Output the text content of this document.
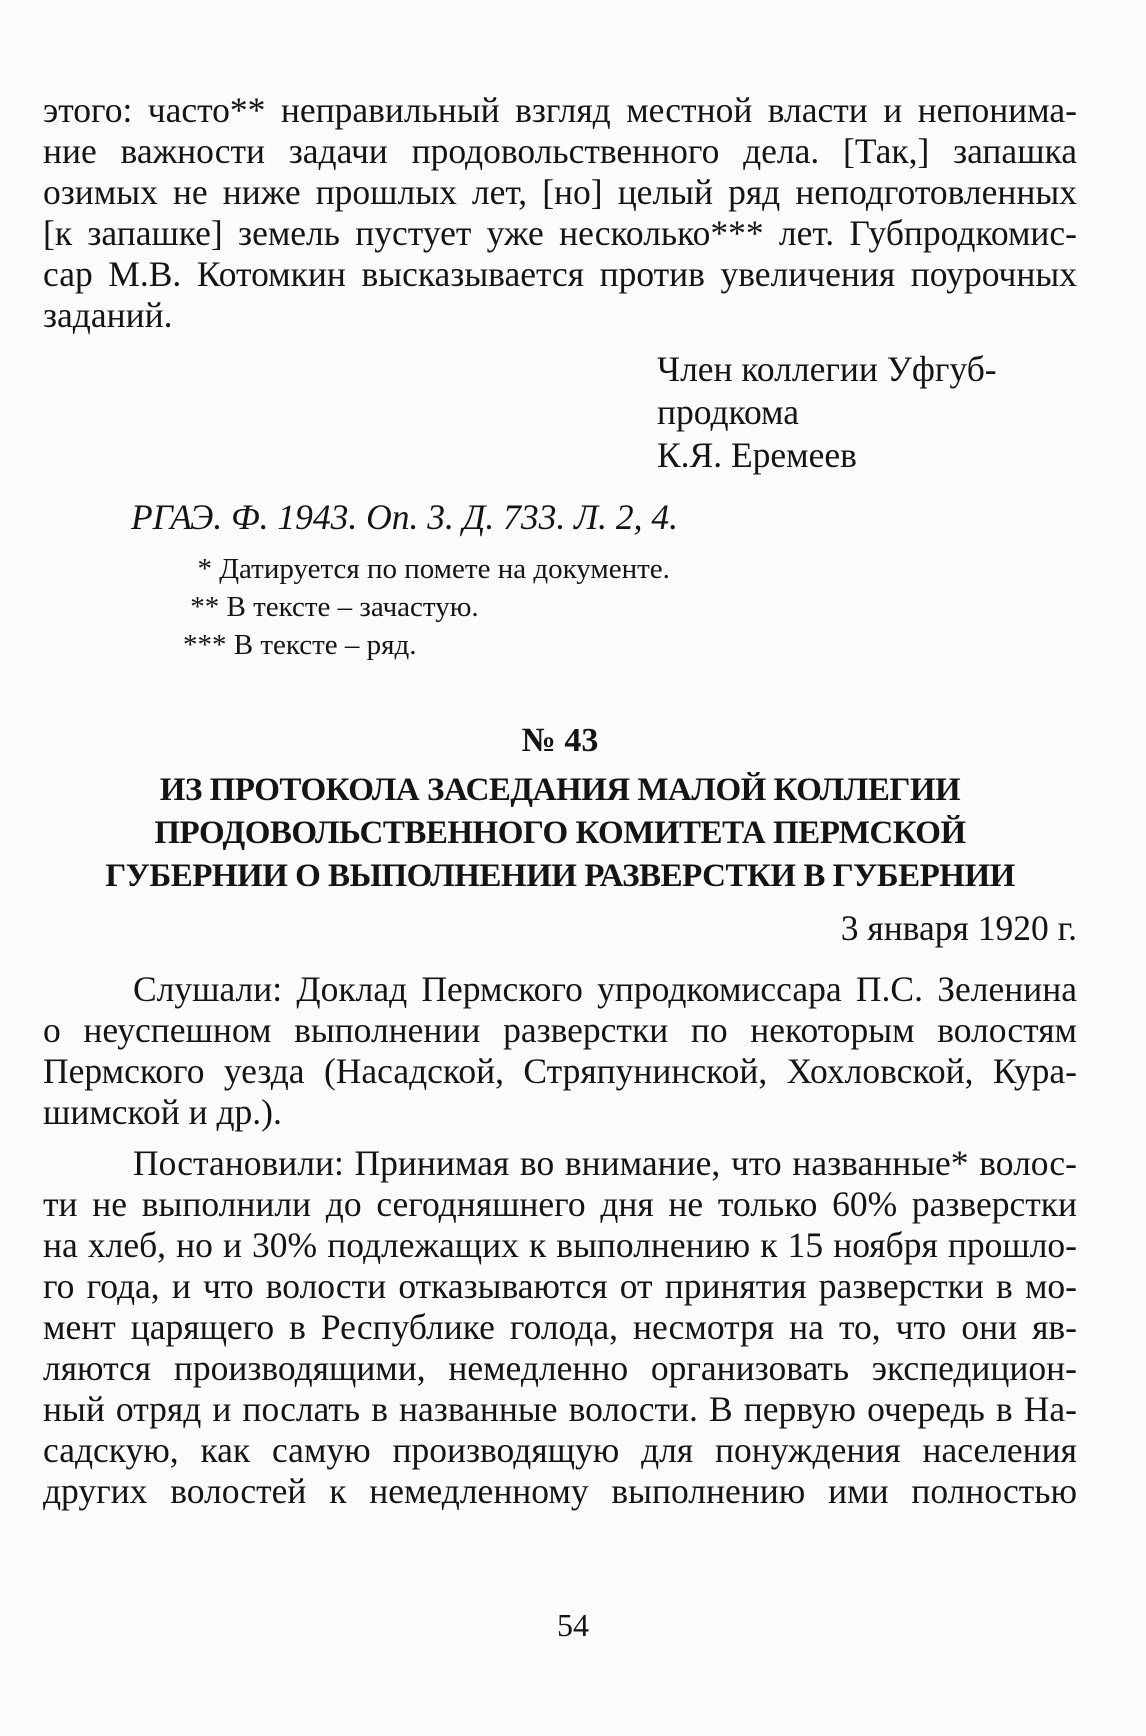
этого: часто** неправильный взгляд местной власти и непонима-
ние важности задачи продовольственного дела. [Так,] запашка
озимых не ниже прошлых лет, [но] целый ряд неподготовленных
[к запашке] земель пустует уже несколько*** лет. Губпродкомис-
сар М.В. Котомкин высказывается против увеличения поурочных
заданий.
Член коллегии Уфгуб-
продкома
К.Я. Еремеев
РГАЭ. Ф. 1943. Оп. 3. Д. 733. Л. 2, 4.
* Датируется по помете на документе.
** В тексте – зачастую.
*** В тексте – ряд.
№ 43
ИЗ ПРОТОКОЛА ЗАСЕДАНИЯ МАЛОЙ КОЛЛЕГИИ
ПРОДОВОЛЬСТВЕННОГО КОМИТЕТА ПЕРМСКОЙ
ГУБЕРНИИ О ВЫПОЛНЕНИИ РАЗВЕРСТКИ В ГУБЕРНИИ
3 января 1920 г.
Слушали: Доклад Пермского упродкомиссара П.С. Зеленина
о неуспешном выполнении разверстки по некоторым волостям
Пермского уезда (Насадской, Стряпунинской, Хохловской, Кура-
шимской и др.).
Постановили: Принимая во внимание, что названные* волос-
ти не выполнили до сегодняшнего дня не только 60% разверстки
на хлеб, но и 30% подлежащих к выполнению к 15 ноября прошло-
го года, и что волости отказываются от принятия разверстки в мо-
мент царящего в Республике голода, несмотря на то, что они яв-
ляются производящими, немедленно организовать экспедицион-
ный отряд и послать в названные волости. В первую очередь в На-
садскую, как самую производящую для понуждения населения
других волостей к немедленному выполнению ими полностью
54
